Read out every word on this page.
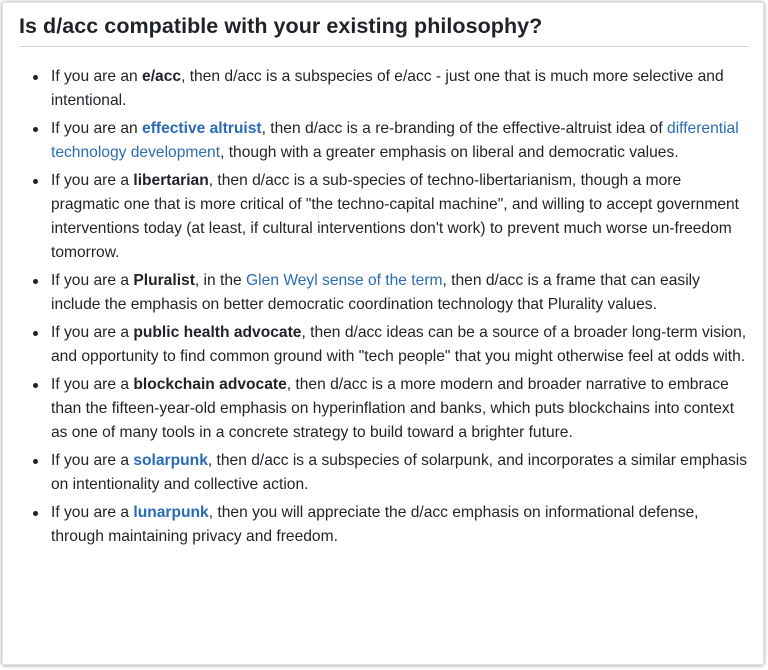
Is d/acc compatible with your existing philosophy?
If you are an e/acc, then d/acc is a subspecies of e/acc - just one that is much more selective and intentional.
If you are an effective altruist, then d/acc is a re-branding of the effective-altruist idea of differential technology development, though with a greater emphasis on liberal and democratic values.
If you are a libertarian, then d/acc is a sub-species of techno-libertarianism, though a more pragmatic one that is more critical of "the techno-capital machine", and willing to accept government interventions today (at least, if cultural interventions don't work) to prevent much worse un-freedom tomorrow.
If you are a Pluralist, in the Glen Weyl sense of the term, then d/acc is a frame that can easily include the emphasis on better democratic coordination technology that Plurality values.
If you are a public health advocate, then d/acc ideas can be a source of a broader long-term vision, and opportunity to find common ground with "tech people" that you might otherwise feel at odds with.
If you are a blockchain advocate, then d/acc is a more modern and broader narrative to embrace than the fifteen-year-old emphasis on hyperinflation and banks, which puts blockchains into context as one of many tools in a concrete strategy to build toward a brighter future.
If you are a solarpunk, then d/acc is a subspecies of solarpunk, and incorporates a similar emphasis on intentionality and collective action.
If you are a lunarpunk, then you will appreciate the d/acc emphasis on informational defense, through maintaining privacy and freedom.
